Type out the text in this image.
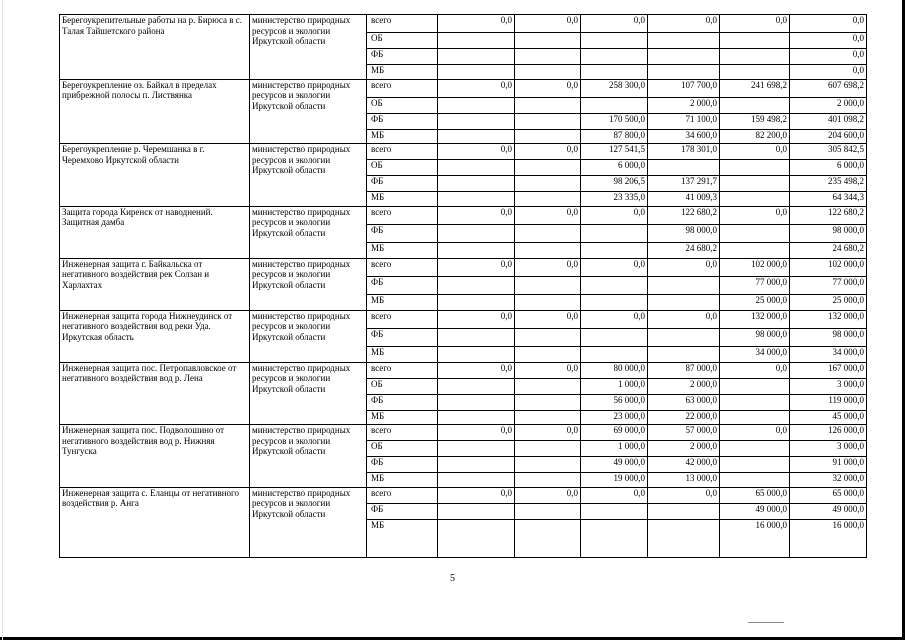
Берегоукрепительные работы на р. Бирюса в с. Талая Тайшетского района	министерство природных ресурсов и экологии Иркутской области	всего	0,0	0,0	0,0	0,0	0,0	0,0
		ОБ						0,0
		ФБ						0,0
		МБ						0,0
Берегоукрепление оз. Байкал в пределах прибрежной полосы п. Листвянка	министерство природных ресурсов и экологии Иркутской области	всего	0,0	0,0	258 300,0	107 700,0	241 698,2	607 698,2
		ОБ				2 000,0		2 000,0
		ФБ			170 500,0	71 100,0	159 498,2	401 098,2
		МБ			87 800,0	34 600,0	82 200,0	204 600,0
Берегоукрепление р. Черемшанка в г. Черемхово Иркутской области	министерство природных ресурсов и экологии Иркутской области	всего	0,0	0,0	127 541,5	178 301,0	0,0	305 842,5
		ОБ			6 000,0			6 000,0
		ФБ			98 206,5	137 291,7		235 498,2
		МБ			23 335,0	41 009,3		64 344,3
Защита города Киренск от наводнений. Защитная дамба	министерство природных ресурсов и экологии Иркутской области	всего	0,0	0,0	0,0	122 680,2	0,0	122 680,2
		ФБ				98 000,0		98 000,0
		МБ				24 680,2		24 680,2
Инженерная защита г. Байкальска от негативного воздействия рек Солзан и Харлахтах	министерство природных ресурсов и экологии Иркутской области	всего	0,0	0,0	0,0	0,0	102 000,0	102 000,0
		ФБ					77 000,0	77 000,0
		МБ					25 000,0	25 000,0
Инженерная защита города Нижнеудинск от негативного воздействия вод реки Уда. Иркутская область	министерство природных ресурсов и экологии Иркутской области	всего	0,0	0,0	0,0	0,0	132 000,0	132 000,0
		ФБ					98 000,0	98 000,0
		МБ					34 000,0	34 000,0
Инженерная защита пос. Петропавловское от негативного воздействия вод р. Лена	министерство природных ресурсов и экологии Иркутской области	всего	0,0	0,0	80 000,0	87 000,0	0,0	167 000,0
		ОБ			1 000,0	2 000,0		3 000,0
		ФБ			56 000,0	63 000,0		119 000,0
		МБ			23 000,0	22 000,0		45 000,0
Инженерная защита пос. Подволошино от негативного воздействия вод р. Нижняя Тунгуска	министерство природных ресурсов и экологии Иркутской области	всего	0,0	0,0	69 000,0	57 000,0	0,0	126 000,0
		ОБ			1 000,0	2 000,0		3 000,0
		ФБ			49 000,0	42 000,0		91 000,0
		МБ			19 000,0	13 000,0		32 000,0
Инженерная защита с. Еланцы от негативного воздействия р. Анга	министерство природных ресурсов и экологии Иркутской области	всего	0,0	0,0	0,0	0,0	65 000,0	65 000,0
		ФБ					49 000,0	49 000,0
		МБ					16 000,0	16 000,0
5
